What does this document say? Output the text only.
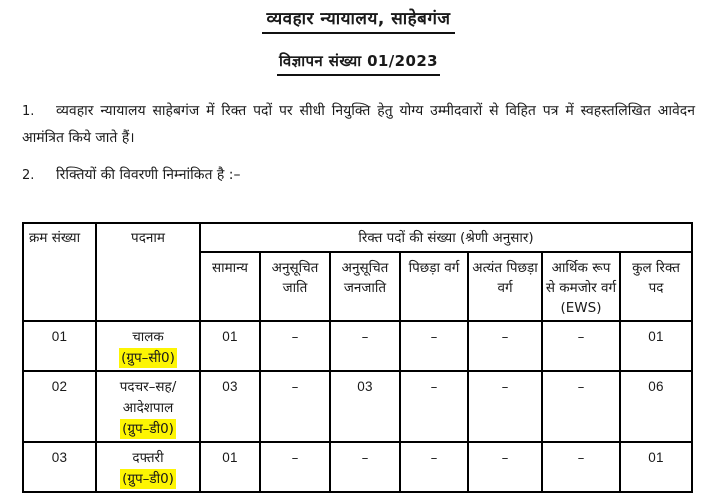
व्यवहार न्यायालय, साहेबगंज
विज्ञापन संख्या 01/2023
1. व्यवहार न्यायालय साहेबगंज में रिक्त पदों पर सीधी नियुक्ति हेतु योग्य उम्मीदवारों से विहित पत्र में स्वहस्तलिखित आवेदन आमंत्रित किये जाते हैं।
2. रिक्तियों की विवरणी निम्नांकित है :–
क्रम संख्या	पदनाम	रिक्त पदों की संख्या (श्रेणी अनुसार)						
		सामान्य	अनुसूचित जाति	अनुसूचित जनजाति	पिछड़ा वर्ग	अत्यंत पिछड़ा वर्ग	आर्थिक रूप से कमजोर वर्ग (EWS)	कुल रिक्त पद
01	चालक
(ग्रुप–सी0)	01	–	–	–	–	–	01
02	पदचर–सह/
आदेशपाल
(ग्रुप–डी0)	03	–	03	–	–	–	06
03	दफ्तरी
(ग्रुप–डी0)	01	–	–	–	–	–	01
